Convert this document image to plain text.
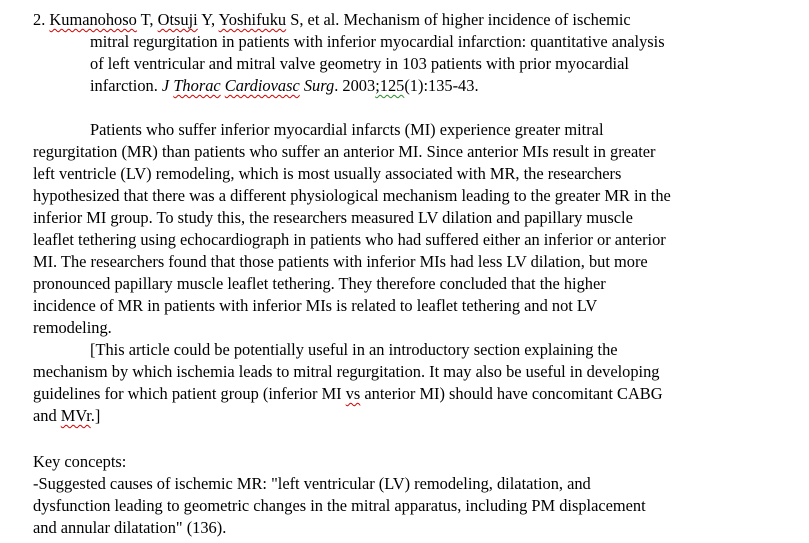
2. Kumanohoso T, Otsuji Y, Yoshifuku S, et al. Mechanism of higher incidence of ischemic
mitral regurgitation in patients with inferior myocardial infarction: quantitative analysis
of left ventricular and mitral valve geometry in 103 patients with prior myocardial
infarction. J Thorac Cardiovasc Surg. 2003;125(1):135-43.
Patients who suffer inferior myocardial infarcts (MI) experience greater mitral
regurgitation (MR) than patients who suffer an anterior MI. Since anterior MIs result in greater
left ventricle (LV) remodeling, which is most usually associated with MR, the researchers
hypothesized that there was a different physiological mechanism leading to the greater MR in the
inferior MI group. To study this, the researchers measured LV dilation and papillary muscle
leaflet tethering using echocardiograph in patients who had suffered either an inferior or anterior
MI. The researchers found that those patients with inferior MIs had less LV dilation, but more
pronounced papillary muscle leaflet tethering. They therefore concluded that the higher
incidence of MR in patients with inferior MIs is related to leaflet tethering and not LV
remodeling.
[This article could be potentially useful in an introductory section explaining the
mechanism by which ischemia leads to mitral regurgitation. It may also be useful in developing
guidelines for which patient group (inferior MI vs anterior MI) should have concomitant CABG
and MVr.]
Key concepts:
-Suggested causes of ischemic MR: "left ventricular (LV) remodeling, dilatation, and
dysfunction leading to geometric changes in the mitral apparatus, including PM displacement
and annular dilatation" (136).
